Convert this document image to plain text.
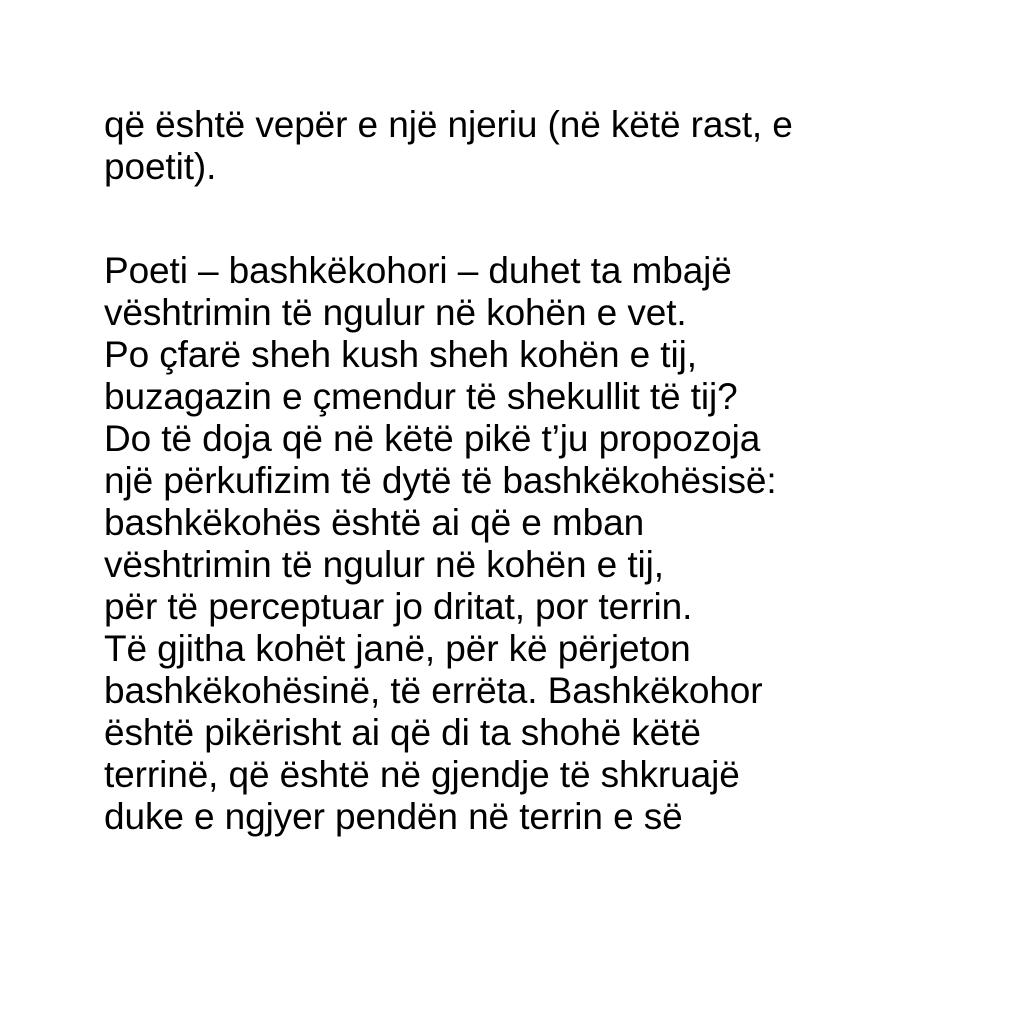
që është vepër e një njeriu (në këtë rast, e
poetit).
Poeti – bashkëkohori – duhet ta mbajë
vështrimin të ngulur në kohën e vet.
Po çfarë sheh kush sheh kohën e tij,
buzagazin e çmendur të shekullit të tij?
Do të doja që në këtë pikë t’ju propozoja
një përkufizim të dytë të bashkëkohësisë:
bashkëkohës është ai që e mban
vështrimin të ngulur në kohën e tij,
për të perceptuar jo dritat, por terrin.
Të gjitha kohët janë, për kë përjeton
bashkëkohësinë, të errëta. Bashkëkohor
është pikërisht ai që di ta shohë këtë
terrinë, që është në gjendje të shkruajë
duke e ngjyer pendën në terrin e së
